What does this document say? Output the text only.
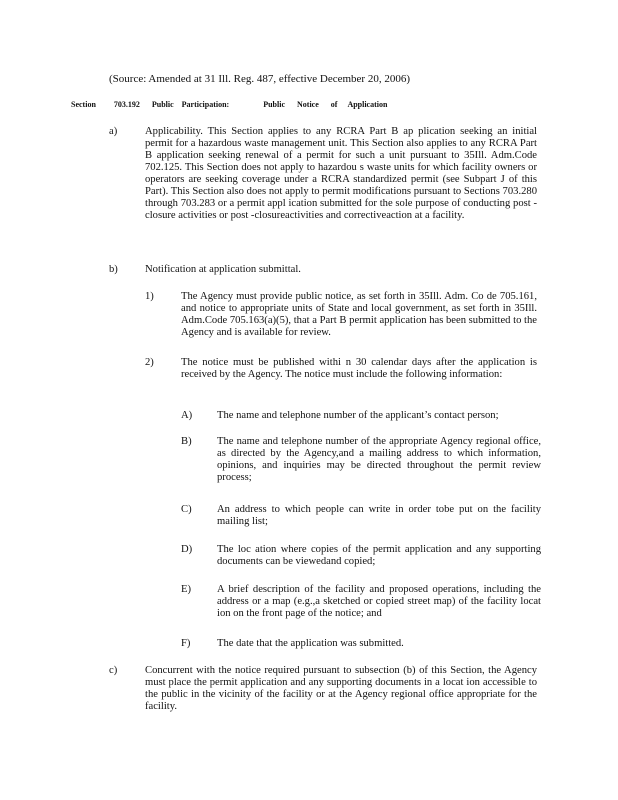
(Source: Amended at 31 Ill. Reg. 487, effective December 20, 2006)
Section 703.192 Public Participation:	Public Notice of Application
a)	Applicability. This Section applies to any RCRA Part B ap plication seeking an initial permit for a hazardous waste management unit. This Section also applies to any RCRA Part B application seeking renewal of a permit for such a unit pursuant to 35Ill. Adm.Code 702.125. This Section does not apply to hazardou s waste units for which facility owners or operators are seeking coverage under a RCRA standardized permit (see Subpart J of this Part). This Section also does not apply to permit modifications pursuant to Sections 703.280 through 703.283 or a permit appl ication submitted for the sole purpose of conducting post -closure activities or post -closureactivities and correctiveaction at a facility.
b)	Notification at application submittal.
1)	The Agency must provide public notice, as set forth in 35Ill. Adm. Co de 705.161, and notice to appropriate units of State and local government, as set forth in 35Ill. Adm.Code 705.163(a)(5), that a Part B permit application has been submitted to the Agency and is available for review.
2)	The notice must be published withi n 30 calendar days after the application is received by the Agency. The notice must include the following information:
A) The name and telephone number of the applicant’s contact person;
B) The name and telephone number of the appropriate Agency regional office, as directed by the Agency,and a mailing address to which information, opinions, and inquiries may be directed throughout the permit review process;
C) An address to which people can write in order tobe put on the facility mailing list;
D) The loc ation where copies of the permit application and any supporting documents can be viewedand copied;
E) A brief description of the facility and proposed operations, including the address or a map (e.g.,a sketched or copied street map) of the facility locat ion on the front page of the notice; and
F)	The date that the application was submitted.
c)	Concurrent with the notice required pursuant to subsection (b) of this Section, the Agency must place the permit application and any supporting documents in a locat ion accessible to the public in the vicinity of the facility or at the Agency regional office appropriate for the facility.
